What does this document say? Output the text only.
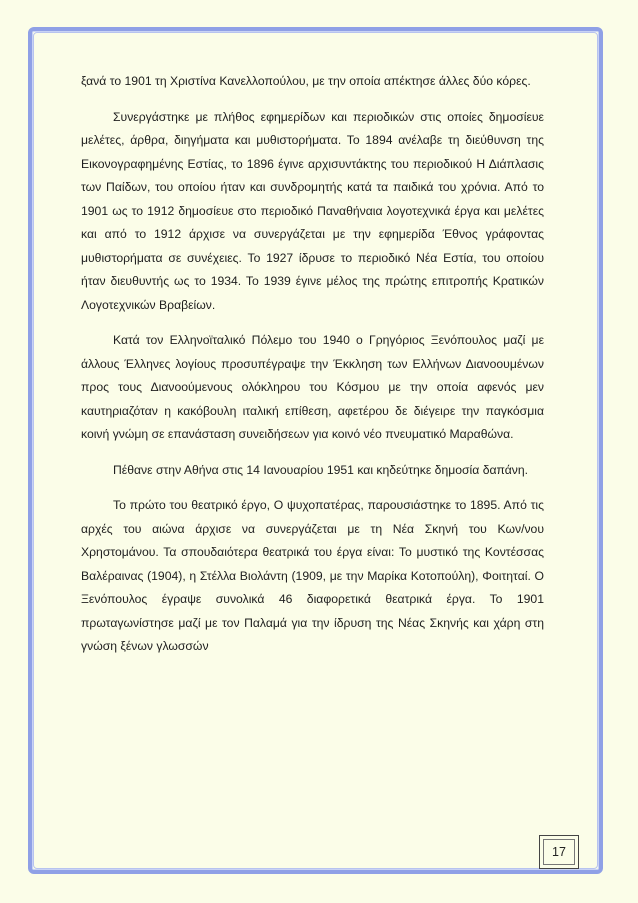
ξανά το 1901 τη Χριστίνα Κανελλοπούλου, με την οποία απέκτησε άλλες δύο κόρες.

Συνεργάστηκε με πλήθος εφημερίδων και περιοδικών στις οποίες δημοσίευε μελέτες, άρθρα, διηγήματα και μυθιστορήματα. Το 1894 ανέλαβε τη διεύθυνση της Εικονογραφημένης Εστίας, το 1896 έγινε αρχισυντάκτης του περιοδικού Η Διάπλασις των Παίδων, του οποίου ήταν και συνδρομητής κατά τα παιδικά του χρόνια. Από το 1901 ως το 1912 δημοσίευε στο περιοδικό Παναθήναια λογοτεχνικά έργα και μελέτες και από το 1912 άρχισε να συνεργάζεται με την εφημερίδα Έθνος γράφοντας μυθιστορήματα σε συνέχειες. Το 1927 ίδρυσε το περιοδικό Νέα Εστία, του οποίου ήταν διευθυντής ως το 1934. Το 1939 έγινε μέλος της πρώτης επιτροπής Κρατικών Λογοτεχνικών Βραβείων.

Κατά τον Ελληνοϊταλικό Πόλεμο του 1940 ο Γρηγόριος Ξενόπουλος μαζί με άλλους Έλληνες λογίους προσυπέγραψε την Έκκληση των Ελλήνων Διανοουμένων προς τους Διανοούμενους ολόκληρου του Κόσμου με την οποία αφενός μεν καυτηριαζόταν η κακόβουλη ιταλική επίθεση, αφετέρου δε διέγειρε την παγκόσμια κοινή γνώμη σε επανάσταση συνειδήσεων για κοινό νέο πνευματικό Μαραθώνα.

Πέθανε στην Αθήνα στις 14 Ιανουαρίου 1951 και κηδεύτηκε δημοσία δαπάνη.

Το πρώτο του θεατρικό έργο, Ο ψυχοπατέρας, παρουσιάστηκε το 1895. Από τις αρχές του αιώνα άρχισε να συνεργάζεται με τη Νέα Σκηνή του Κων/νου Χρηστομάνου. Τα σπουδαιότερα θεατρικά του έργα είναι: Το μυστικό της Κοντέσσας Βαλέραινας (1904), η Στέλλα Βιολάντη (1909, με την Μαρίκα Κοτοπούλη), Φοιτηταί. Ο Ξενόπουλος έγραψε συνολικά 46 διαφορετικά θεατρικά έργα. Το 1901 πρωταγωνίστησε μαζί με τον Παλαμά για την ίδρυση της Νέας Σκηνής και χάρη στη γνώση ξένων γλωσσών

17
